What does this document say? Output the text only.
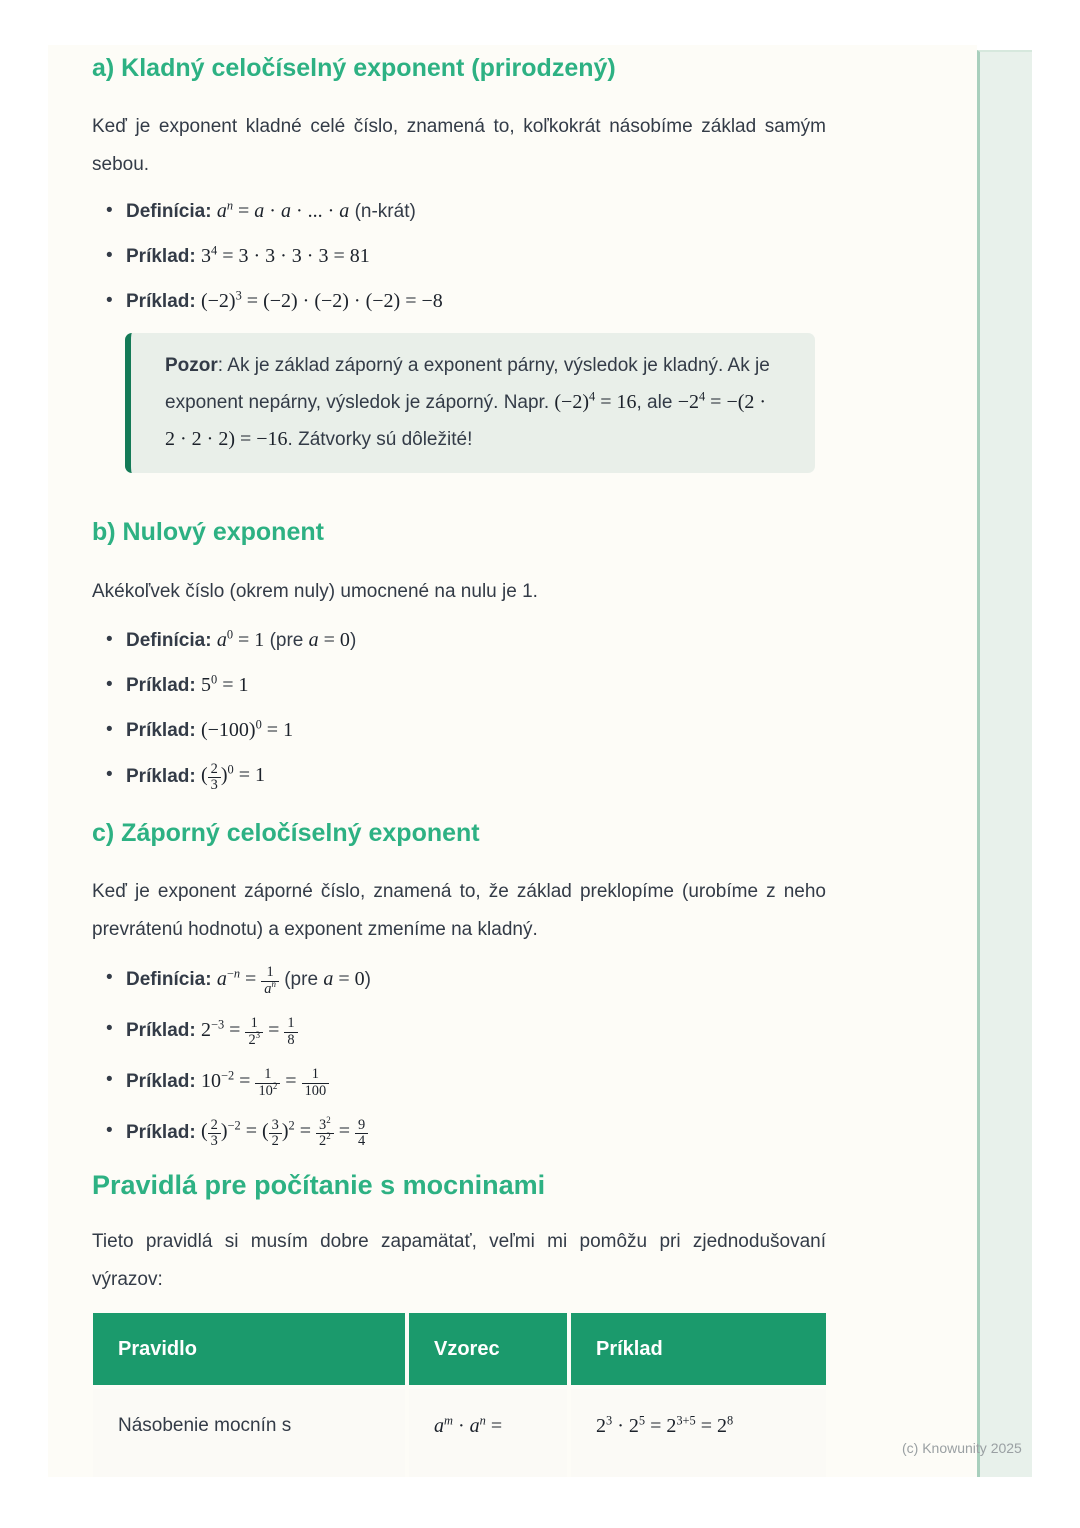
a) Kladný celočíselný exponent (prirodzený)

Keď je exponent kladné celé číslo, znamená to, koľkokrát násobíme základ samým sebou.

• Definícia: $a^n = a \cdot a$ · ... · a (n-krát)
• Príklad: $3^4 = 3 \cdot 3 \cdot 3 \cdot 3 = 81$
• Príklad: $(-2)^3 = (-2) \cdot (-2) \cdot (-2) = -8$

Pozor: Ak je základ záporný a exponent párny, výsledok je kladný. Ak je exponent nepárny, výsledok je záporný. Napr. $(-2)^4 = 16$, ale $-2^4 = -(2 \cdot 2 \cdot 2 \cdot 2) = -16$. Zátvorky sú dôležité!

b) Nulový exponent

Akékoľvek číslo (okrem nuly) umocnené na nulu je 1.

• Definícia: $a^0 = 1$ (pre a = 0)
• Príklad: $5^0 = 1$
• Príklad: $(-100)^0 = 1$
• Príklad: ( $\frac{2}{3} )^0 = 1$
c) Záporný celočíselný exponent

Keď je exponent záporné číslo, znamená to, že základ preklopíme (urobíme z neho prevrátenú hodnotu) a exponent zmeníme na kladný.

• Definícia: $a^{-n} = \frac{1}{a^n} (pre$ a = 0)
• Príklad: $2^{-3} = \frac{1}{2^3} = \frac{1}{8}$
• Príklad: $10^{-2} = \frac{1}{10^2} = \frac{1}{100}$
• Príklad: ( $\frac{2}{3} )^{-2}$ = ( $\frac{3}{2} )^2 = \frac{3^2}{2^2} = \frac{9}{4}$
Pravidlá pre počítanie s mocninami

Tieto pravidlá si musím dobre zapamätať, veľmi mi pomôžu pri zjednodušovaní výrazov:

Pravidlo	Vzorec	Príklad
Násobenie mocnín s	$a^m \cdot a^n$ =	$2^3 \cdot 2^5 = 2^{3+5} = 2^8$
(c) Knowunity 2025
